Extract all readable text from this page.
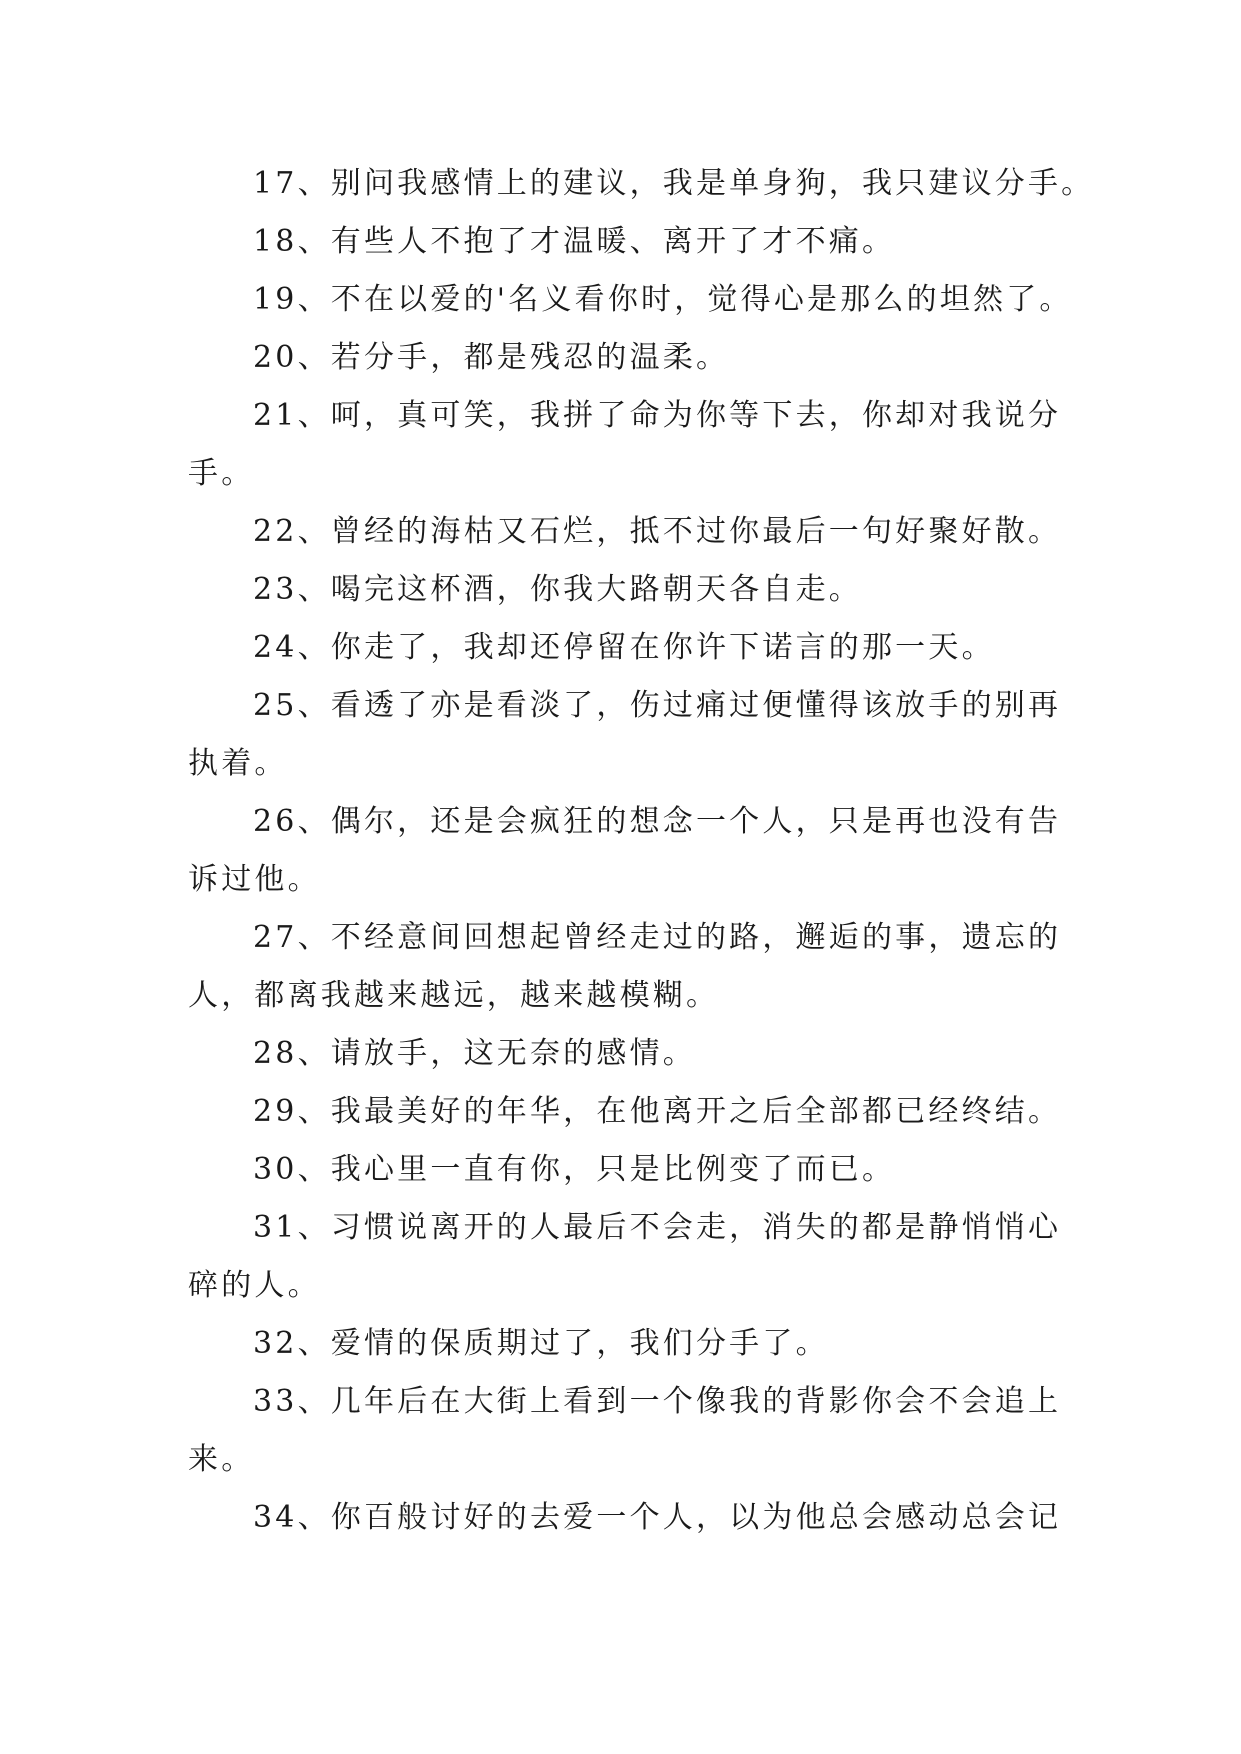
17、别问我感情上的建议，我是单身狗，我只建议分手。
18、有些人不抱了才温暖、离开了才不痛。
19、不在以爱的'名义看你时，觉得心是那么的坦然了。
20、若分手，都是残忍的温柔。
21、呵，真可笑，我拼了命为你等下去，你却对我说分
手。
22、曾经的海枯又石烂，抵不过你最后一句好聚好散。
23、喝完这杯酒，你我大路朝天各自走。
24、你走了，我却还停留在你许下诺言的那一天。
25、看透了亦是看淡了，伤过痛过便懂得该放手的别再
执着。
26、偶尔，还是会疯狂的想念一个人，只是再也没有告
诉过他。
27、不经意间回想起曾经走过的路，邂逅的事，遗忘的
人，都离我越来越远，越来越模糊。
28、请放手，这无奈的感情。
29、我最美好的年华，在他离开之后全部都已经终结。
30、我心里一直有你，只是比例变了而已。
31、习惯说离开的人最后不会走，消失的都是静悄悄心
碎的人。
32、爱情的保质期过了，我们分手了。
33、几年后在大街上看到一个像我的背影你会不会追上
来。
34、你百般讨好的去爱一个人，以为他总会感动总会记
